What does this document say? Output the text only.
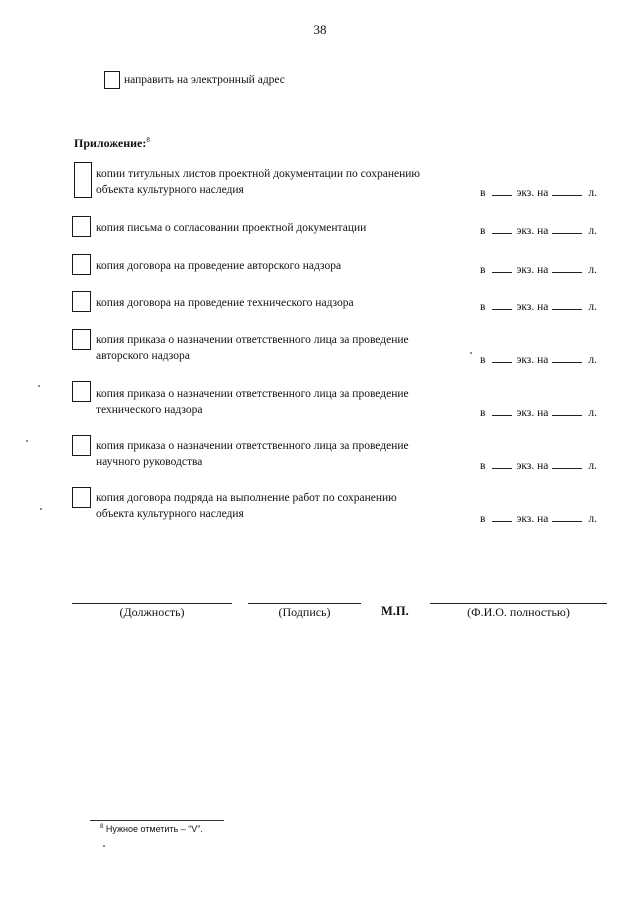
38
направить на электронный адрес
Приложение:$^8$
копии титульных листов проектной документации по сохранению
объекта культурного наследия	в	экз. на	л.
копия письма о согласовании проектной документации	в	экз. на	л.
копия договора на проведение авторского надзора	в	экз. на	л.
копия договора на проведение технического надзора	в	экз. на	л.
копия приказа о назначении ответственного лица за проведение
авторского надзора	в	экз. на	л.
копия приказа о назначении ответственного лица за проведение
технического надзора	в	экз. на	л.
копия приказа о назначении ответственного лица за проведение
научного руководства	в	экз. на	л.
копия договора подряда на выполнение работ по сохранению
объекта культурного наследия	в	экз. на	л.
(Должность)	(Подпись)	М.П.	(Ф.И.О. полностью)
$^8$ Нужное отметить – “V”.
